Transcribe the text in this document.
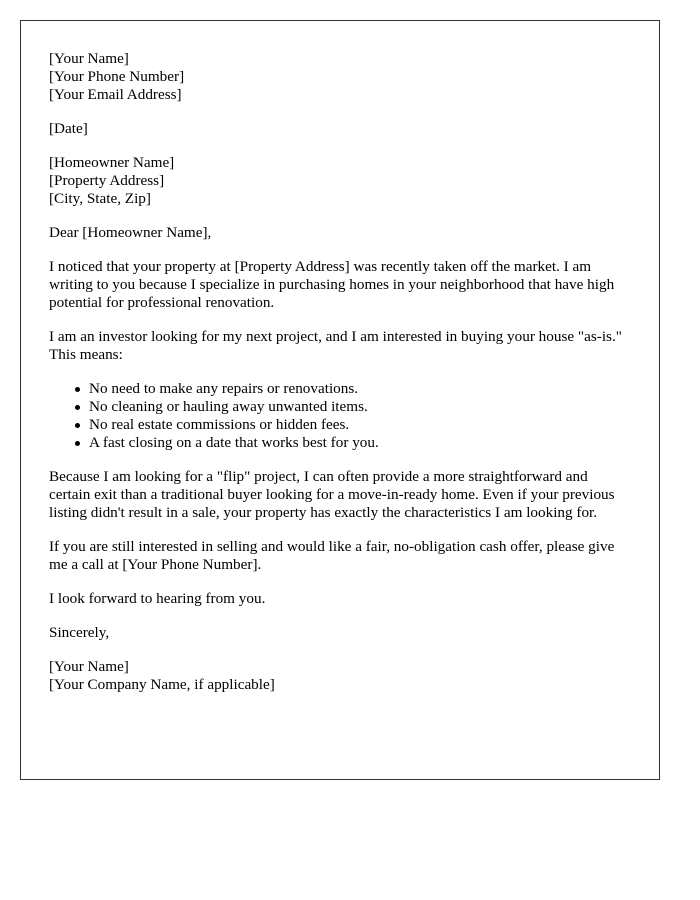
[Your Name]
[Your Phone Number]
[Your Email Address]
[Date]
[Homeowner Name]
[Property Address]
[City, State, Zip]

Dear [Homeowner Name],

I noticed that your property at [Property Address] was recently taken off the market. I am writing to you because I specialize in purchasing homes in your neighborhood that have high potential for professional renovation.

I am an investor looking for my next project, and I am interested in buying your house "as-is." This means:

No need to make any repairs or renovations.
No cleaning or hauling away unwanted items.
No real estate commissions or hidden fees.
A fast closing on a date that works best for you.

Because I am looking for a "flip" project, I can often provide a more straightforward and certain exit than a traditional buyer looking for a move-in-ready home. Even if your previous listing didn't result in a sale, your property has exactly the characteristics I am looking for.

If you are still interested in selling and would like a fair, no-obligation cash offer, please give me a call at [Your Phone Number].

I look forward to hearing from you.

Sincerely,

[Your Name]
[Your Company Name, if applicable]
